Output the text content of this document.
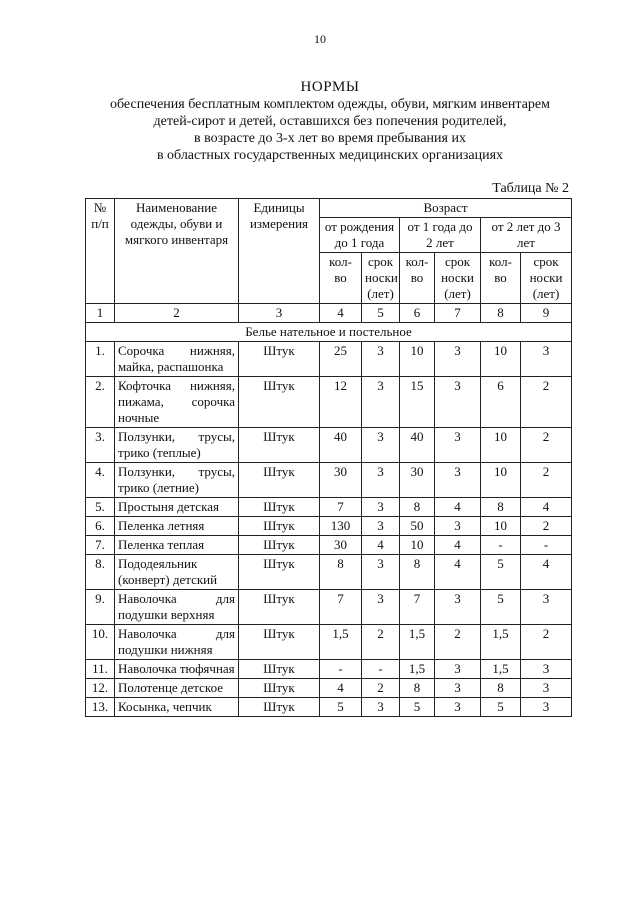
10
НОРМЫ
обеспечения бесплатным комплектом одежды, обуви, мягким инвентарем
детей-сирот и детей, оставшихся без попечения родителей,
в возрасте до 3-х лет во время пребывания их
в областных государственных медицинских организациях
Таблица № 2
№ п/п	Наименование одежды, обуви и мягкого инвентаря	Единицы измерения	Возраст					
			от рождения до 1 года		от 1 года до 2 лет		от 2 лет до 3 лет	
			кол-во	срок носки (лет)	кол-во	срок носки (лет)	кол-во	срок носки (лет)
1	2	3	4	5	6	7	8	9
Белье нательное и постельное								
1.	Сорочка нижняя, майка, распашонка	Штук	25	3	10	3	10	3
2.	Кофточка нижняя, пижама, сорочка ночные	Штук	12	3	15	3	6	2
3.	Ползунки, трусы, трико (теплые)	Штук	40	3	40	3	10	2
4.	Ползунки, трусы, трико (летние)	Штук	30	3	30	3	10	2
5.	Простыня детская	Штук	7	3	8	4	8	4
6.	Пеленка летняя	Штук	130	3	50	3	10	2
7.	Пеленка теплая	Штук	30	4	10	4	-	-
8.	Пододеяльник (конверт) детский	Штук	8	3	8	4	5	4
9.	Наволочка для подушки верхняя	Штук	7	3	7	3	5	3
10.	Наволочка для подушки нижняя	Штук	1,5	2	1,5	2	1,5	2
11.	Наволочка тюфячная	Штук	-	-	1,5	3	1,5	3
12.	Полотенце детское	Штук	4	2	8	3	8	3
13.	Косынка, чепчик	Штук	5	3	5	3	5	3
